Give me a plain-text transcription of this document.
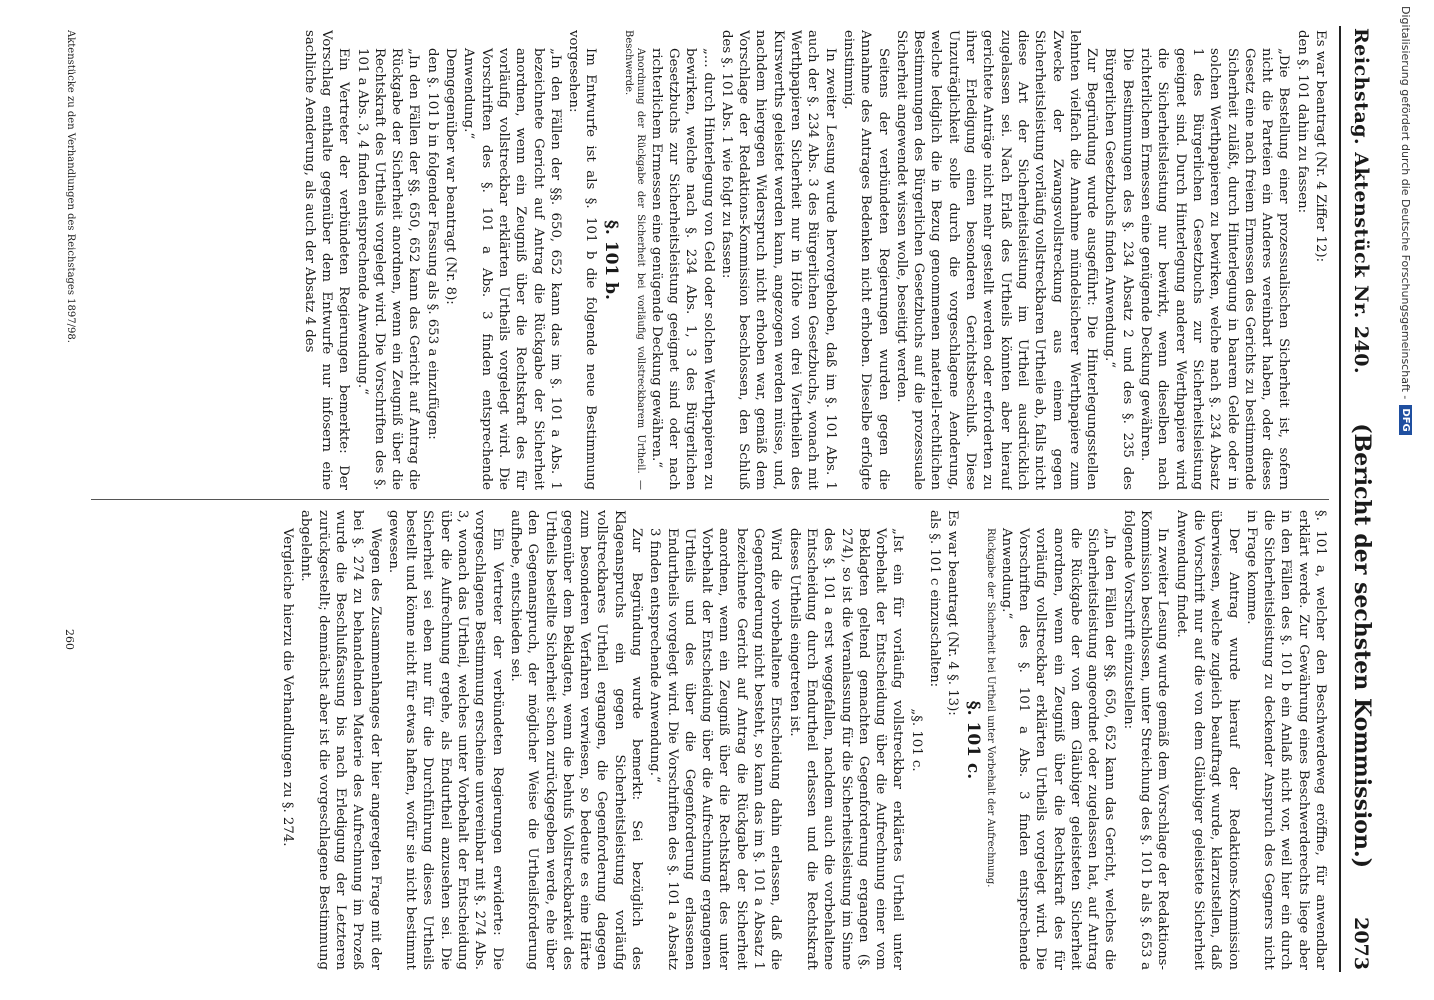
Reichstag. Aktenstück Nr. 240.
(Bericht der sechsten Kommission.)
2073

Es war beantragt (Nr. 4 Ziffer 12):

den §. 101 dahin zu fassen:

„Die Bestellung einer prozessualischen Sicherheit ist, sofern nicht die Parteien ein Anderes vereinbart haben, oder dieses Gesetz eine nach freiem Ermessen des Gerichts zu bestimmende Sicherheit zuläßt, durch Hinterlegung in baarem Gelde oder in solchen Werthpapieren zu bewirken, welche nach §. 234 Absatz 1 des Bürgerlichen Gesetzbuchs zur Sicherheitsleistung geeignet sind. Durch Hinterlegung anderer Werthpapiere wird die Sicherheitsleistung nur bewirkt, wenn dieselben nach richterlichem Ermessen eine genügende Deckung gewähren.

Die Bestimmungen des §. 234 Absatz 2 und des §. 235 des Bürgerlichen Gesetzbuchs finden Anwendung.“

Zur Begründung wurde ausgeführt: Die Hinterlegungsstellen lehnten vielfach die Annahme mündelsicherer Werthpapiere zum Zwecke der Zwangsvollstreckung aus einem gegen Sicherheitsleistung vorläufig vollstreckbaren Urtheile ab, falls nicht diese Art der Sicherheitsleistung im Urtheil ausdrücklich zugelassen sei. Nach Erlaß des Urtheils könnten aber hierauf gerichtete Anträge nicht mehr gestellt werden oder erforderten zu ihrer Erledigung einen besonderen Gerichtsbeschluß. Diese Unzuträglichkeit solle durch die vorgeschlagene Aenderung, welche lediglich die in Bezug genommenen materiell-rechtlichen Bestimmungen des Bürgerlichen Gesetzbuchs auf die prozessuale Sicherheit angewendet wissen wolle, beseitigt werden.

Seitens der verbündeten Regierungen wurden gegen die Annahme des Antrages Bedenken nicht erhoben. Dieselbe erfolgte einstimmig.

In zweiter Lesung wurde hervorgehoben, daß im §. 101 Abs. 1 auch der §. 234 Abs. 3 des Bürgerlichen Gesetzbuchs, wonach mit Werthpapieren Sicherheit nur in Höhe von drei Viertheilen des Kurswerths geleistet werden kann, angezogen werden müsse, und, nachdem hiergegen Widerspruch nicht erhoben war, gemäß dem Vorschlage der Redaktions-Kommission beschlossen, den Schluß des §. 101 Abs. 1 wie folgt zu fassen:

„... durch Hinterlegung von Geld oder solchen Werthpapieren zu bewirken, welche nach §. 234 Abs. 1, 3 des Bürgerlichen Gesetzbuchs zur Sicherheitsleistung geeignet sind oder nach richterlichem Ermessen eine genügende Deckung gewähren.“

Anordnung der Rückgabe der Sicherheit bei vorläufig vollstreckbarem Urtheil. — Beschwerde.

§. 101 b.

Im Entwurfe ist als §. 101 b die folgende neue Bestimmung vorgesehen:

„In den Fällen der §§. 650, 652 kann das im §. 101 a Abs. 1 bezeichnete Gericht auf Antrag die Rückgabe der Sicherheit anordnen, wenn ein Zeugniß über die Rechtskraft des für vorläufig vollstreckbar erklärten Urtheils vorgelegt wird. Die Vorschriften des §. 101 a Abs. 3 finden entsprechende Anwendung.“

Demgegenüber war beantragt (Nr. 8):

den §. 101 b in folgender Fassung als §. 653 a einzufügen:

„In den Fällen der §§. 650, 652 kann das Gericht auf Antrag die Rückgabe der Sicherheit anordnen, wenn ein Zeugniß über die Rechtskraft des Urtheils vorgelegt wird. Die Vorschriften des §. 101 a Abs. 3, 4 finden entsprechende Anwendung.“

Ein Vertreter der verbündeten Regierungen bemerkte: Der Vorschlag enthalte gegenüber dem Entwurfe nur infosern eine sachliche Aenderung, als auch der Absatz 4 des

§. 101 a, welcher den Beschwerdeweg eröffne, für anwendbar erklärt werde. Zur Gewährung eines Beschwerderechts liege aber in den Fällen des §. 101 b ein Anlaß nicht vor, weil hier ein durch die Sicherheitsleistung zu deckender Anspruch des Gegners nicht in Frage komme.

Der Antrag wurde hierauf der Redaktions-Kommission überwiesen, welche zugleich beauftragt wurde, klarzustellen, daß die Vorschrift nur auf die von dem Gläubiger geleistete Sicherheit Anwendung findet.

In zweiter Lesung wurde gemäß dem Vorschlage der Redaktions-Kommission beschlossen, unter Streichung des §. 101 b als §. 653 a folgende Vorschrift einzustellen:

„In den Fällen der §§. 650, 652 kann das Gericht, welches die Sicherheitsleistung angeordnet oder zugelassen hat, auf Antrag die Rückgabe der von dem Gläubiger geleisteten Sicherheit anordnen, wenn ein Zeugniß über die Rechtskraft des für vorläufig vollstreckbar erklärten Urtheils vorgelegt wird. Die Vorschriften des §. 101 a Abs. 3 finden entsprechende Anwendung.“

Rückgabe der Sicherheit bei Urtheil unter Vorbehalt der Aufrechnung.

§. 101 c.

Es war beantragt (Nr. 4 §. 13):

als §. 101 c einzuschalten:

„§. 101 c.

„Ist ein für vorläufig vollstreckbar erklärtes Urtheil unter Vorbehalt der Entscheidung über die Aufrechnung einer vom Beklagten geltend gemachten Gegenforderung ergangen (§. 274), so ist die Veranlassung für die Sicherheitsleistung im Sinne des §. 101 a erst weggefallen, nachdem auch die vorbehaltene Entscheidung durch Endurtheil erlassen und die Rechtskraft dieses Urtheils eingetreten ist.

Wird die vorbehaltene Entscheidung dahin erlassen, daß die Gegenforderung nicht besteht, so kann das im §. 101 a Absatz 1 bezeichnete Gericht auf Antrag die Rückgabe der Sicherheit anordnen, wenn ein Zeugniß über die Rechtskraft des unter Vorbehalt der Entscheidung über die Aufrechnung ergangenen Urtheils und des über die Gegenforderung erlassenen Endurtheils vorgelegt wird. Die Vorschriften des §. 101 a Absatz 3 finden entsprechende Anwendung.“

Zur Begründung wurde bemerkt: Sei bezüglich des Klageanspruchs ein gegen Sicherheitsleistung vorläufig vollstreckbares Urtheil ergangen, die Gegenforderung dagegen zum besonderen Verfahren verwiesen, so bedeute es eine Härte gegenüber dem Beklagten, wenn die behufs Vollstreckbarkeit des Urtheils bestellte Sicherheit schon zurückgegeben werde, ehe über den Gegenanspruch, der möglicher Weise die Urtheilsforderung aufhebe, entschieden sei.

Ein Vertreter der verbündeten Regierungen erwiderte: Die vorgeschlagene Bestimmung erscheine unvereinbar mit §. 274 Abs. 3, wonach das Urtheil, welches unter Vorbehalt der Entscheidung über die Aufrechnung ergehe, als Endurtheil anzusehen sei. Die Sicherheit sei eben nur für die Durchführung dieses Urtheils bestellt und könne nicht für etwas haften, wofür sie nicht bestimmt gewesen.

Wegen des Zusammenhanges der hier angeregten Frage mit der bei §. 274 zu behandelnden Materie des Aufrechnung im Prozeß wurde die Beschlußfassung bis nach Erledigung der Letzteren zurückgestellt; demnächst aber ist die vorgeschlagene Bestimmung abgelehnt.

Vergleiche hierzu die Verhandlungen zu §. 274.

Aktenstücke zu den Verhandlungen des Reichstages 1897/98.
260
Digitalisierung gefördert durch die Deutsche Forschungsgemeinschaft -
DFG
